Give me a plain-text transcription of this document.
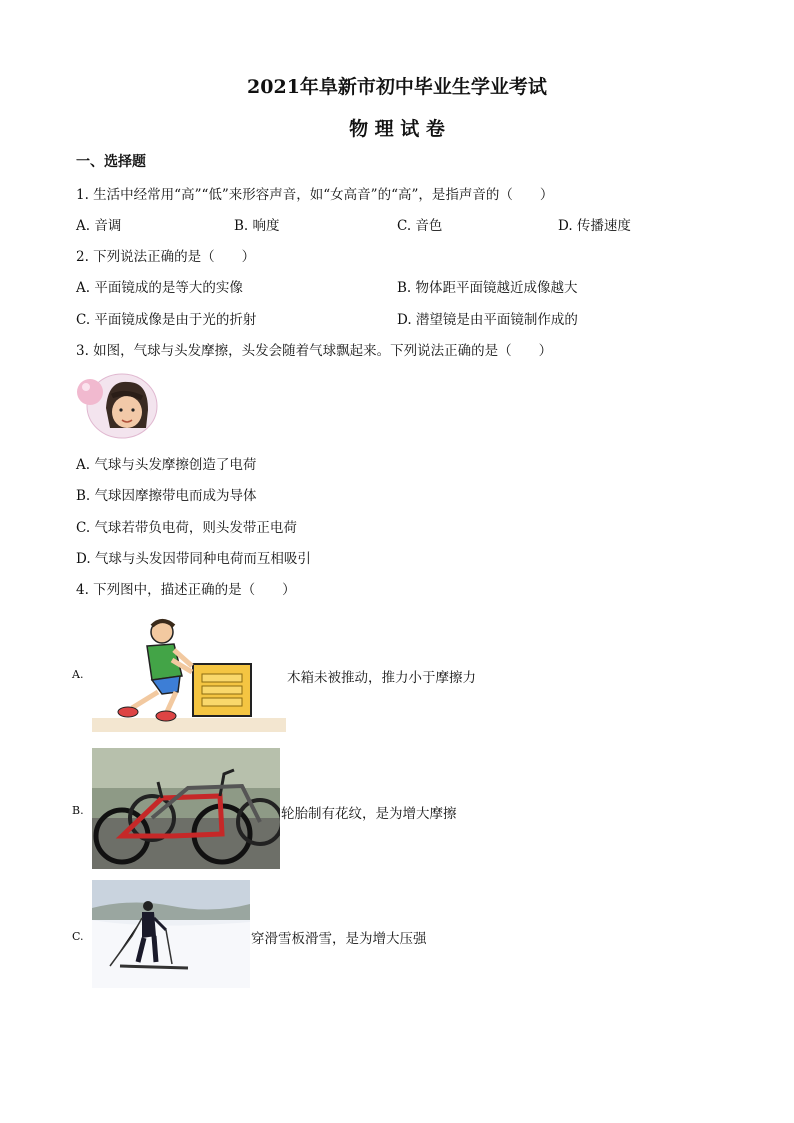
2021年阜新市初中毕业生学业考试
物 理 试 卷
一、选择题
1. 生活中经常用“高”“低”来形容声音，如“女高音”的“高”，是指声音的（　　）
A. 音调	B. 响度	C. 音色	D. 传播速度
2. 下列说法正确的是（　　）
A. 平面镜成的是等大的实像	B. 物体距平面镜越近成像越大
C. 平面镜成像是由于光的折射	D. 潜望镜是由平面镜制作成的
3. 如图，气球与头发摩擦，头发会随着气球飘起来。下列说法正确的是（　　）
A. 气球与头发摩擦创造了电荷
B. 气球因摩擦带电而成为导体
C. 气球若带负电荷，则头发带正电荷
D. 气球与头发因带同种电荷而互相吸引
4. 下列图中，描述正确的是（　　）
A.	木箱未被推动，推力小于摩擦力
B.	轮胎制有花纹，是为增大摩擦
C.	穿滑雪板滑雪，是为增大压强
